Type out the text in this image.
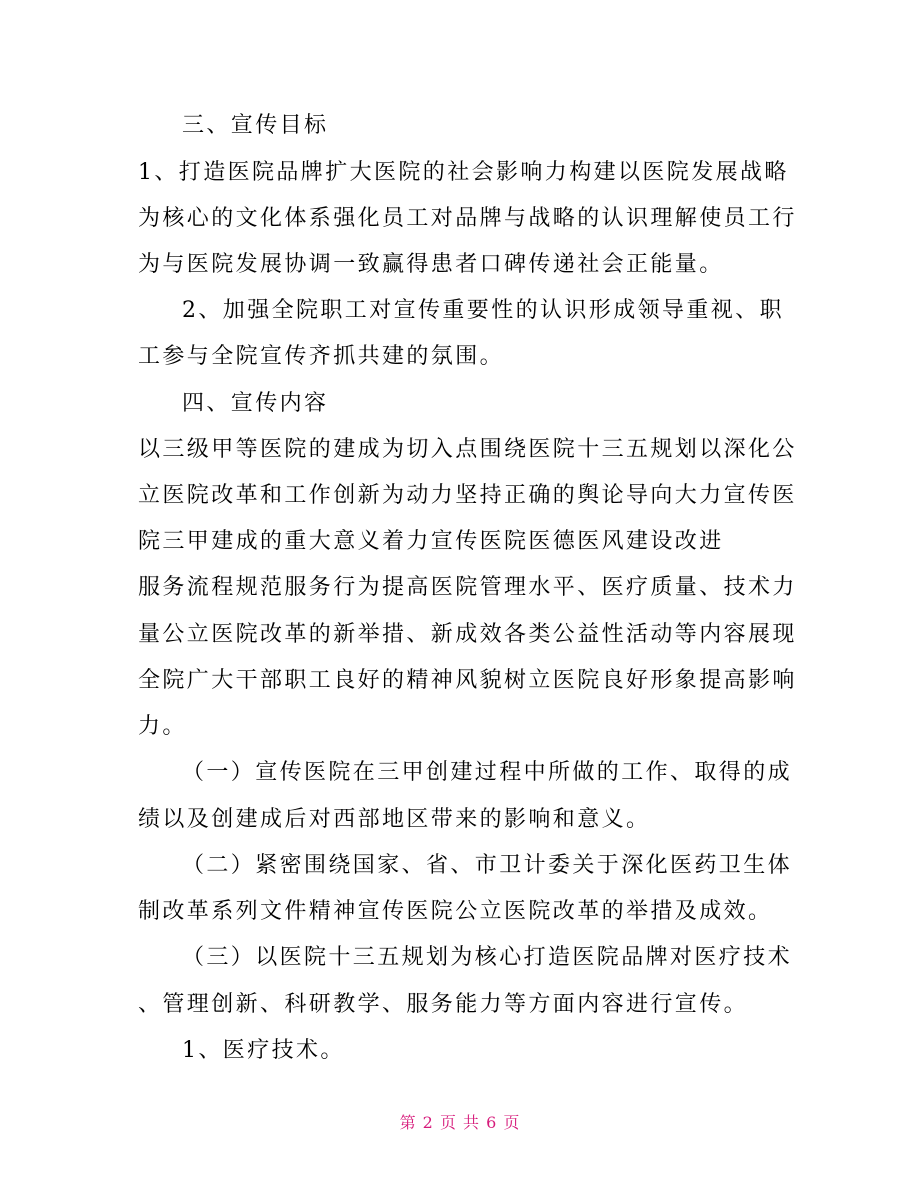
三、宣传目标
1、打造医院品牌扩大医院的社会影响力构建以医院发展战略
为核心的文化体系强化员工对品牌与战略的认识理解使员工行
为与医院发展协调一致赢得患者口碑传递社会正能量。
2、加强全院职工对宣传重要性的认识形成领导重视、职
工参与全院宣传齐抓共建的氛围。
四、宣传内容
以三级甲等医院的建成为切入点围绕医院十三五规划以深化公
立医院改革和工作创新为动力坚持正确的舆论导向大力宣传医
院三甲建成的重大意义着力宣传医院医德医风建设改进
服务流程规范服务行为提高医院管理水平、医疗质量、技术力
量公立医院改革的新举措、新成效各类公益性活动等内容展现
全院广大干部职工良好的精神风貌树立医院良好形象提高影响
力。
（一）宣传医院在三甲创建过程中所做的工作、取得的成
绩以及创建成后对西部地区带来的影响和意义。
（二）紧密围绕国家、省、市卫计委关于深化医药卫生体
制改革系列文件精神宣传医院公立医院改革的举措及成效。
（三）以医院十三五规划为核心打造医院品牌对医疗技术
、管理创新、科研教学、服务能力等方面内容进行宣传。
1、医疗技术。
第 2 页 共 6 页
